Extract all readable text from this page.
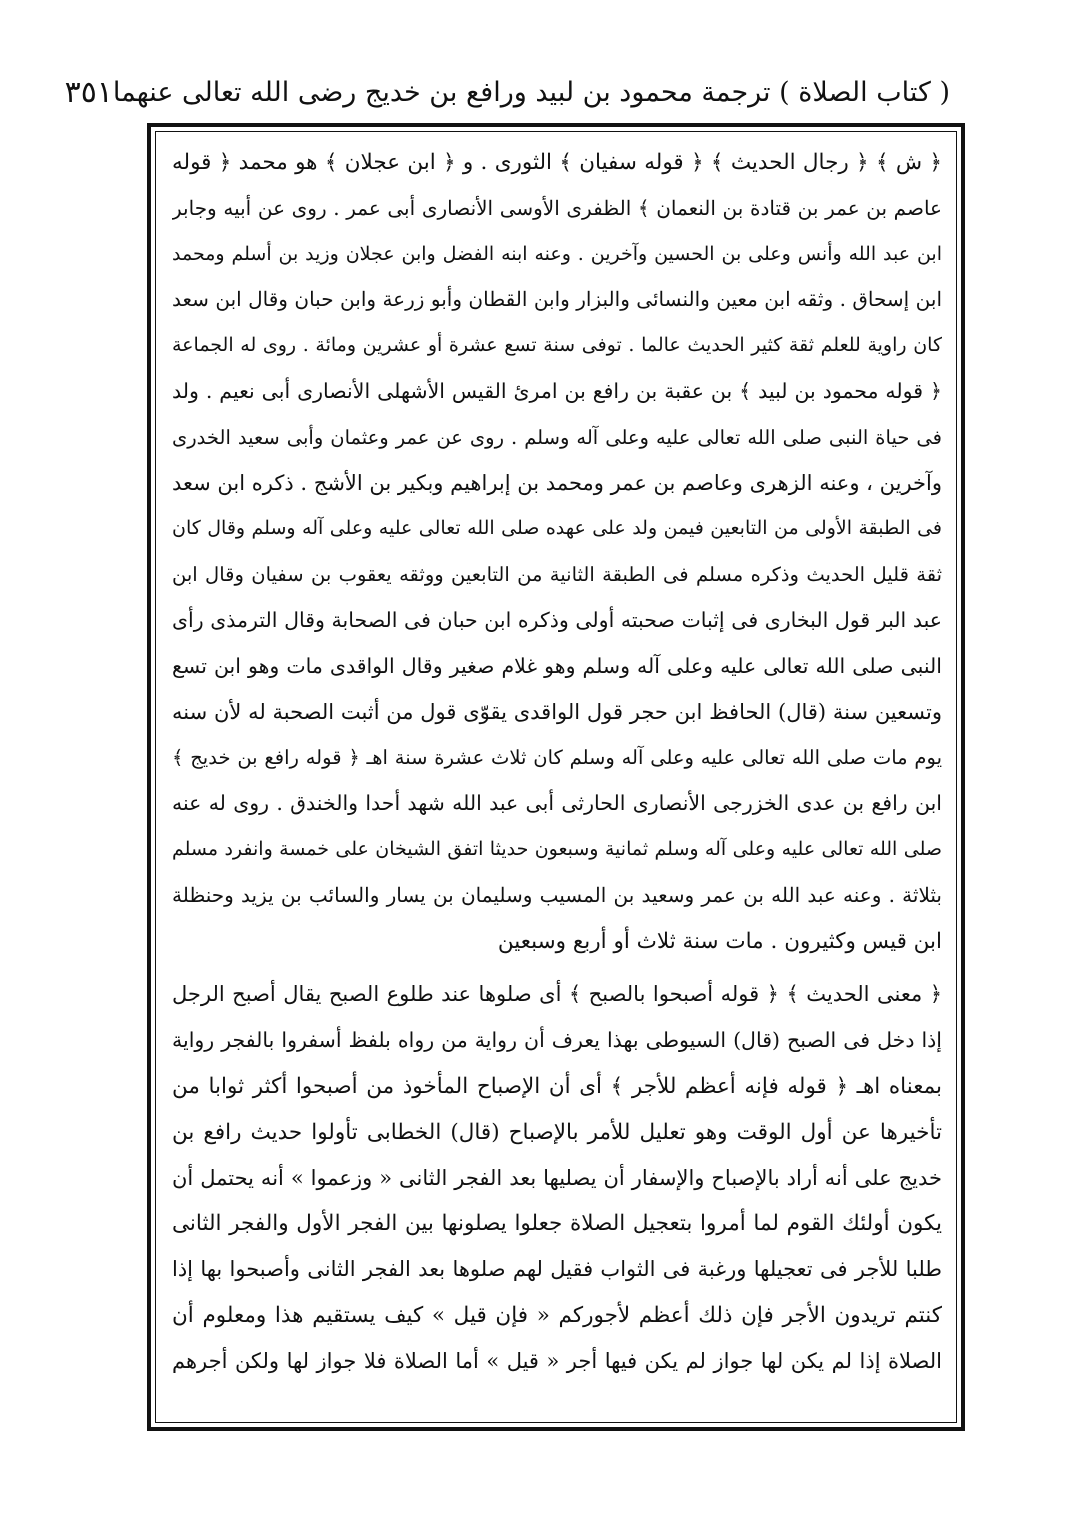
( كتاب الصلاة ) ترجمة محمود بن لبيد ورافع بن خديج رضى الله تعالى عنهما
٣٥١
﴿ ش ﴾ ﴿ رجال الحديث ﴾ ﴿ قوله سفيان ﴾ الثورى . و ﴿ ابن عجلان ﴾ هو محمد ﴿ قوله
عاصم بن عمر بن قتادة بن النعمان ﴾ الظفرى الأوسى الأنصارى أبى عمر . روى عن أبيه وجابر
ابن عبد الله وأنس وعلى بن الحسين وآخرين . وعنه ابنه الفضل وابن عجلان وزيد بن أسلم ومحمد
ابن إسحاق . وثقه ابن معين والنسائى والبزار وابن القطان وأبو زرعة وابن حبان وقال ابن سعد
كان راوية للعلم ثقة كثير الحديث عالما . توفى سنة تسع عشرة أو عشرين ومائة . روى له الجماعة
﴿ قوله محمود بن لبيد ﴾ بن عقبة بن رافع بن امرئ القيس الأشهلى الأنصارى أبى نعيم . ولد
فى حياة النبى صلى الله تعالى عليه وعلى آله وسلم . روى عن عمر وعثمان وأبى سعيد الخدرى
وآخرين ، وعنه الزهرى وعاصم بن عمر ومحمد بن إبراهيم وبكير بن الأشج . ذكره ابن سعد
فى الطبقة الأولى من التابعين فيمن ولد على عهده صلى الله تعالى عليه وعلى آله وسلم وقال كان
ثقة قليل الحديث وذكره مسلم فى الطبقة الثانية من التابعين ووثقه يعقوب بن سفيان وقال ابن
عبد البر قول البخارى فى إثبات صحبته أولى وذكره ابن حبان فى الصحابة وقال الترمذى رأى
النبى صلى الله تعالى عليه وعلى آله وسلم وهو غلام صغير وقال الواقدى مات وهو ابن تسع
وتسعين سنة (قال) الحافظ ابن حجر قول الواقدى يقوّى قول من أثبت الصحبة له لأن سنه
يوم مات صلى الله تعالى عليه وعلى آله وسلم كان ثلاث عشرة سنة اهـ ﴿ قوله رافع بن خديج ﴾
ابن رافع بن عدى الخزرجى الأنصارى الحارثى أبى عبد الله شهد أحدا والخندق . روى له عنه
صلى الله تعالى عليه وعلى آله وسلم ثمانية وسبعون حديثا اتفق الشيخان على خمسة وانفرد مسلم
بثلاثة . وعنه عبد الله بن عمر وسعيد بن المسيب وسليمان بن يسار والسائب بن يزيد وحنظلة
ابن قيس وكثيرون . مات سنة ثلاث أو أربع وسبعين
﴿ معنى الحديث ﴾ ﴿ قوله أصبحوا بالصبح ﴾ أى صلوها عند طلوع الصبح يقال أصبح الرجل
إذا دخل فى الصبح (قال) السيوطى بهذا يعرف أن رواية من رواه بلفظ أسفروا بالفجر رواية
بمعناه اهـ ﴿ قوله فإنه أعظم للأجر ﴾ أى أن الإصباح المأخوذ من أصبحوا أكثر ثوابا من
تأخيرها عن أول الوقت وهو تعليل للأمر بالإصباح (قال) الخطابى تأولوا حديث رافع بن
خديج على أنه أراد بالإصباح والإسفار أن يصليها بعد الفجر الثانى « وزعموا » أنه يحتمل أن
يكون أولئك القوم لما أمروا بتعجيل الصلاة جعلوا يصلونها بين الفجر الأول والفجر الثانى
طلبا للأجر فى تعجيلها ورغبة فى الثواب فقيل لهم صلوها بعد الفجر الثانى وأصبحوا بها إذا
كنتم تريدون الأجر فإن ذلك أعظم لأجوركم « فإن قيل » كيف يستقيم هذا ومعلوم أن
الصلاة إذا لم يكن لها جواز لم يكن فيها أجر « قيل » أما الصلاة فلا جواز لها ولكن أجرهم
